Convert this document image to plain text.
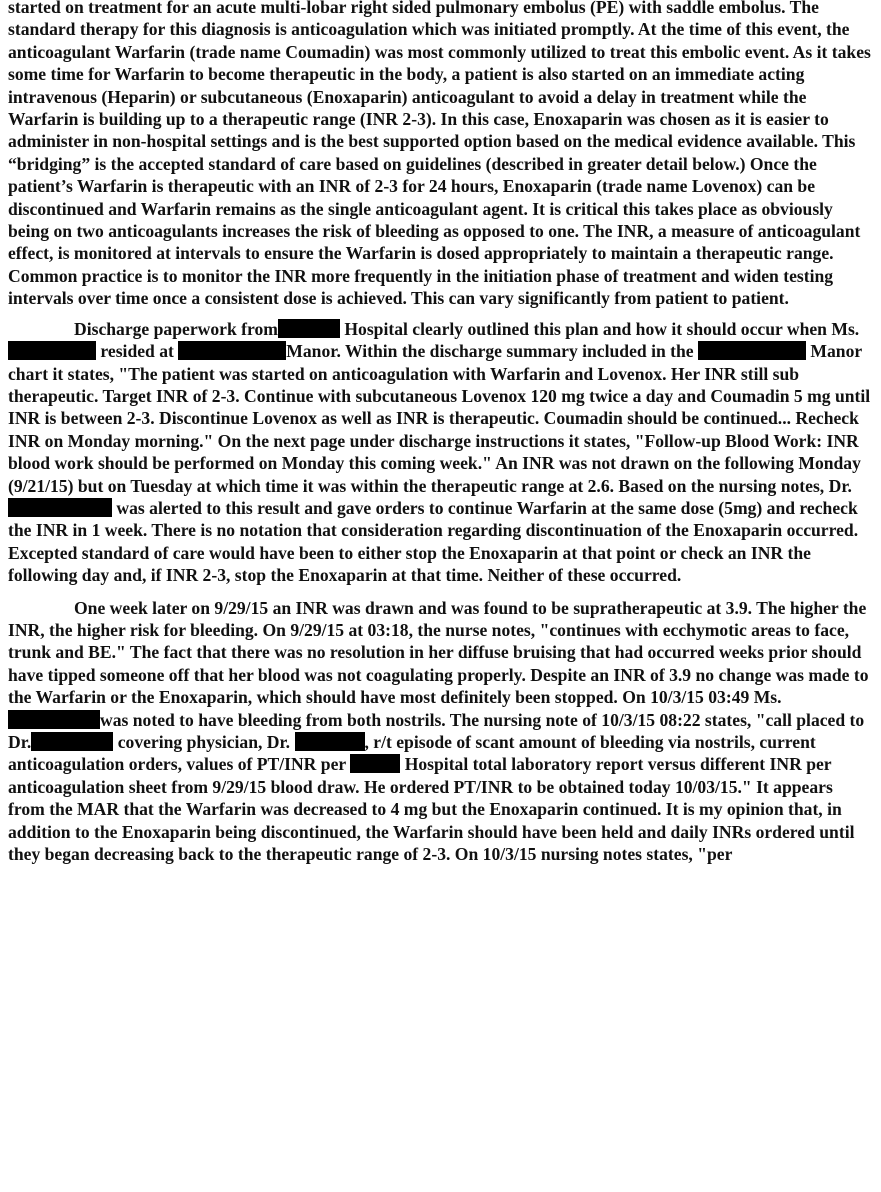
started on treatment for an acute multi-lobar right sided pulmonary embolus (PE) with saddle embolus. The standard therapy for this diagnosis is anticoagulation which was initiated promptly. At the time of this event, the anticoagulant Warfarin (trade name Coumadin) was most commonly utilized to treat this embolic event. As it takes some time for Warfarin to become therapeutic in the body, a patient is also started on an immediate acting intravenous (Heparin) or subcutaneous (Enoxaparin) anticoagulant to avoid a delay in treatment while the Warfarin is building up to a therapeutic range (INR 2-3). In this case, Enoxaparin was chosen as it is easier to administer in non-hospital settings and is the best supported option based on the medical evidence available. This “bridging” is the accepted standard of care based on guidelines (described in greater detail below.) Once the patient’s Warfarin is therapeutic with an INR of 2-3 for 24 hours, Enoxaparin (trade name Lovenox) can be discontinued and Warfarin remains as the single anticoagulant agent. It is critical this takes place as obviously being on two anticoagulants increases the risk of bleeding as opposed to one. The INR, a measure of anticoagulant effect, is monitored at intervals to ensure the Warfarin is dosed appropriately to maintain a therapeutic range. Common practice is to monitor the INR more frequently in the initiation phase of treatment and widen testing intervals over time once a consistent dose is achieved. This can vary significantly from patient to patient.

Discharge paperwork from	Hospital clearly outlined this plan and how it should occur when Ms.  resided at	Manor. Within the discharge summary included in the	Manor chart it states, "The patient was started on anticoagulation with Warfarin and Lovenox. Her INR still sub therapeutic. Target INR of 2-3. Continue with subcutaneous Lovenox 120 mg twice a day and Coumadin 5 mg until INR is between 2-3. Discontinue Lovenox as well as INR is therapeutic. Coumadin should be continued... Recheck INR on Monday morning." On the next page under discharge instructions it states, "Follow-up Blood Work: INR blood work should be performed on Monday this coming week." An INR was not drawn on the following Monday (9/21/15) but on Tuesday at which time it was within the therapeutic range at 2.6. Based on the nursing notes, Dr. was alerted to this result and gave orders to continue Warfarin at the same dose (5mg) and recheck the INR in 1 week. There is no notation that consideration regarding discontinuation of the Enoxaparin occurred. Excepted standard of care would have been to either stop the Enoxaparin at that point or check an INR the following day and, if INR 2-3, stop the Enoxaparin at that time. Neither of these occurred.

One week later on 9/29/15 an INR was drawn and was found to be supratherapeutic at 3.9. The higher the INR, the higher risk for bleeding. On 9/29/15 at 03:18, the nurse notes, "continues with ecchymotic areas to face, trunk and BE." The fact that there was no resolution in her diffuse bruising that had occurred weeks prior should have tipped someone off that her blood was not coagulating properly. Despite an INR of 3.9 no change was made to the Warfarin or the Enoxaparin, which should have most definitely been stopped. On 10/3/15 03:49 Ms. was noted to have bleeding from both nostrils. The nursing note of 10/3/15 08:22 states, "call placed to Dr.	covering physician, Dr.	, r/t episode of scant amount of bleeding via nostrils, current anticoagulation orders, values of PT/INR per	Hospital total laboratory report versus different INR per anticoagulation sheet from 9/29/15 blood draw. He ordered PT/INR to be obtained today 10/03/15." It appears from the MAR that the Warfarin was decreased to 4 mg but the Enoxaparin continued. It is my opinion that, in addition to the Enoxaparin being discontinued, the Warfarin should have been held and daily INRs ordered until they began decreasing back to the therapeutic range of 2-3. On 10/3/15 nursing notes states, "per
